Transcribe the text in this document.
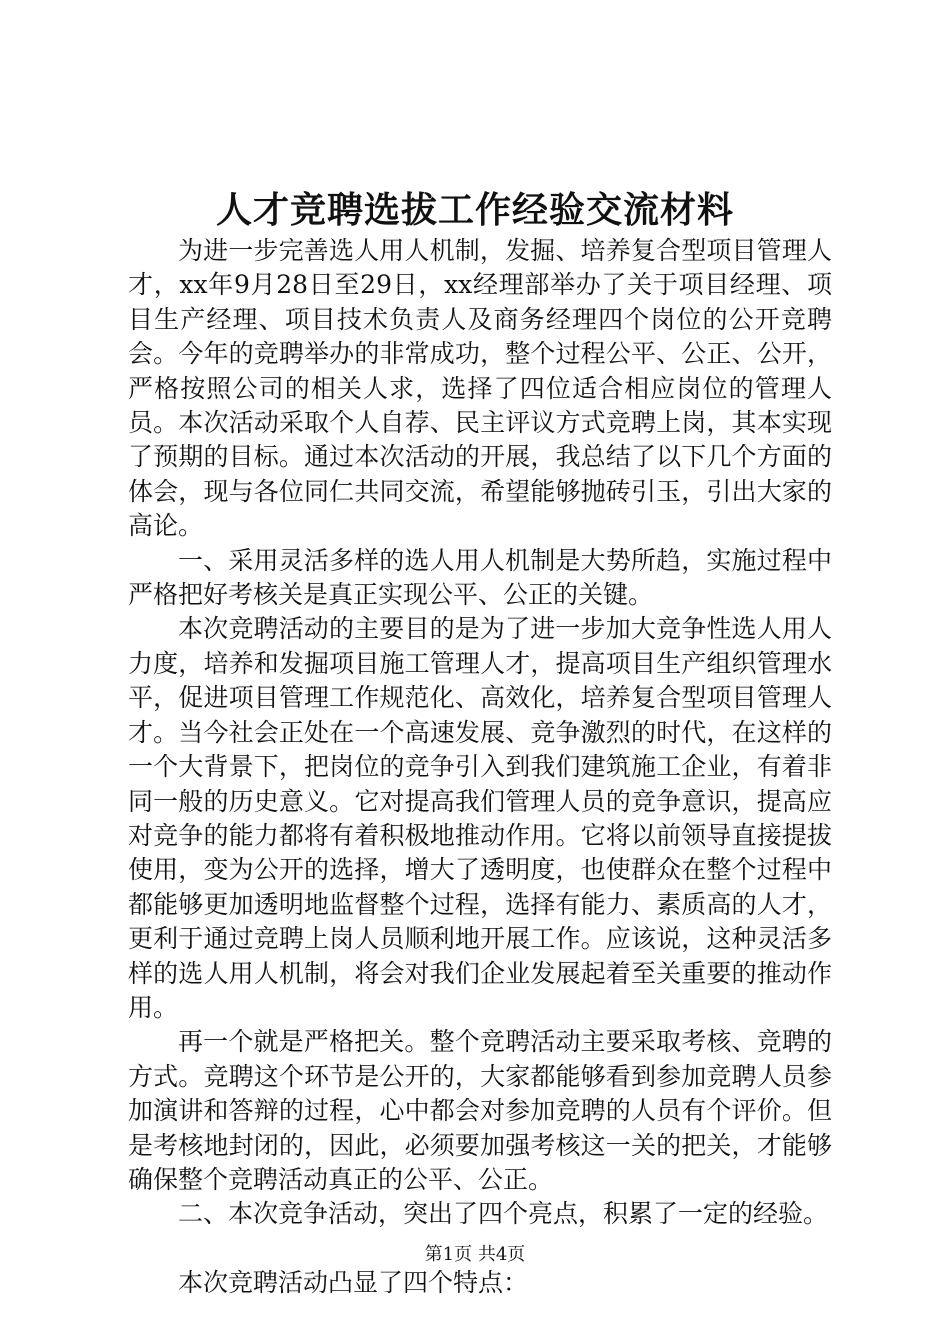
人才竞聘选拔工作经验交流材料

为进一步完善选人用人机制，发掘、培养复合型项目管理人才，xx年9月28日至29日，xx经理部举办了关于项目经理、项目生产经理、项目技术负责人及商务经理四个岗位的公开竞聘会。今年的竞聘举办的非常成功，整个过程公平、公正、公开，严格按照公司的相关人求，选择了四位适合相应岗位的管理人员。本次活动采取个人自荐、民主评议方式竞聘上岗，其本实现了预期的目标。通过本次活动的开展，我总结了以下几个方面的体会，现与各位同仁共同交流，希望能够抛砖引玉，引出大家的高论。

一、采用灵活多样的选人用人机制是大势所趋，实施过程中严格把好考核关是真正实现公平、公正的关键。

本次竞聘活动的主要目的是为了进一步加大竞争性选人用人力度，培养和发掘项目施工管理人才，提高项目生产组织管理水平，促进项目管理工作规范化、高效化，培养复合型项目管理人才。当今社会正处在一个高速发展、竞争激烈的时代，在这样的一个大背景下，把岗位的竞争引入到我们建筑施工企业，有着非同一般的历史意义。它对提高我们管理人员的竞争意识，提高应对竞争的能力都将有着积极地推动作用。它将以前领导直接提拔使用，变为公开的选择，增大了透明度，也使群众在整个过程中都能够更加透明地监督整个过程，选择有能力、素质高的人才，更利于通过竞聘上岗人员顺利地开展工作。应该说，这种灵活多样的选人用人机制，将会对我们企业发展起着至关重要的推动作用。

再一个就是严格把关。整个竞聘活动主要采取考核、竞聘的方式。竞聘这个环节是公开的，大家都能够看到参加竞聘人员参加演讲和答辩的过程，心中都会对参加竞聘的人员有个评价。但是考核地封闭的，因此，必须要加强考核这一关的把关，才能够确保整个竞聘活动真正的公平、公正。

二、本次竞争活动，突出了四个亮点，积累了一定的经验。

本次竞聘活动凸显了四个特点：

第1页 共4页
